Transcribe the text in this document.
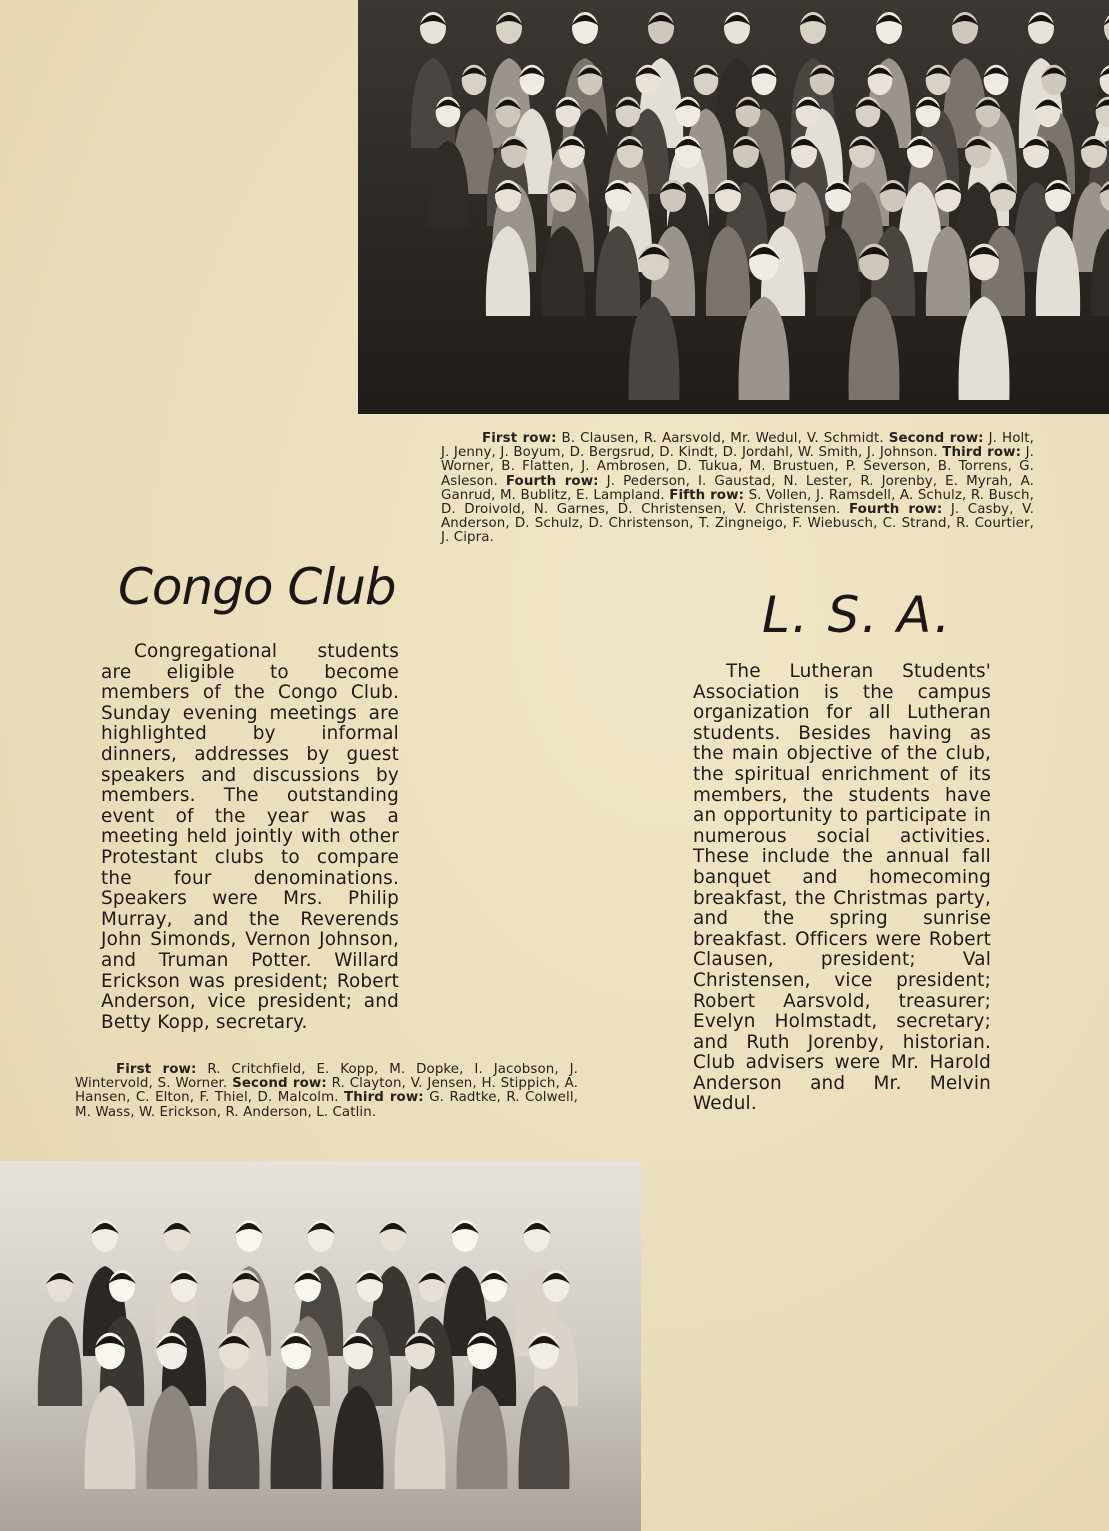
First row: B. Clausen, R. Aarsvold, Mr. Wedul, V. Schmidt. Second row: J. Holt, J. Jenny, J. Boyum, D. Bergsrud, D. Kindt, D. Jordahl, W. Smith, J. Johnson. Third row: J. Worner, B. Flatten, J. Ambrosen, D. Tukua, M. Brustuen, P. Severson, B. Torrens, G. Asleson. Fourth row: J. Pederson, I. Gaustad, N. Lester, R. Jorenby, E. Myrah, A. Ganrud, M. Bublitz, E. Lampland. Fifth row: S. Vollen, J. Ramsdell, A. Schulz, R. Busch, D. Droivold, N. Garnes, D. Christensen, V. Christensen. Fourth row: J. Casby, V. Anderson, D. Schulz, D. Christenson, T. Zingneigo, F. Wiebusch, C. Strand, R. Courtier, J. Cipra.
Congo Club	L. S. A.

Congregational students are eligible to become members of the Congo Club. Sunday evening meetings are highlighted by informal dinners, addresses by guest speakers and discussions by members. The outstanding event of the year was a meeting held jointly with other Protestant clubs to compare the four denominations. Speakers were Mrs. Philip Murray, and the Reverends John Simonds, Vernon Johnson, and Truman Potter. Willard Erickson was president; Robert Anderson, vice president; and Betty Kopp, secretary.

The Lutheran Students' Association is the campus organization for all Lutheran students. Besides having as the main objective of the club, the spiritual enrichment of its members, the students have an opportunity to participate in numerous social activities. These include the annual fall banquet and homecoming breakfast, the Christmas party, and the spring sunrise breakfast. Officers were Robert Clausen, president; Val Christensen, vice president; Robert Aarsvold, treasurer; Evelyn Holmstadt, secretary; and Ruth Jorenby, historian. Club advisers were Mr. Harold Anderson and Mr. Melvin Wedul.

First row: R. Critchfield, E. Kopp, M. Dopke, I. Jacobson, J. Wintervold, S. Worner. Second row: R. Clayton, V. Jensen, H. Stippich, A. Hansen, C. Elton, F. Thiel, D. Malcolm. Third row: G. Radtke, R. Colwell, M. Wass, W. Erickson, R. Anderson, L. Catlin.
